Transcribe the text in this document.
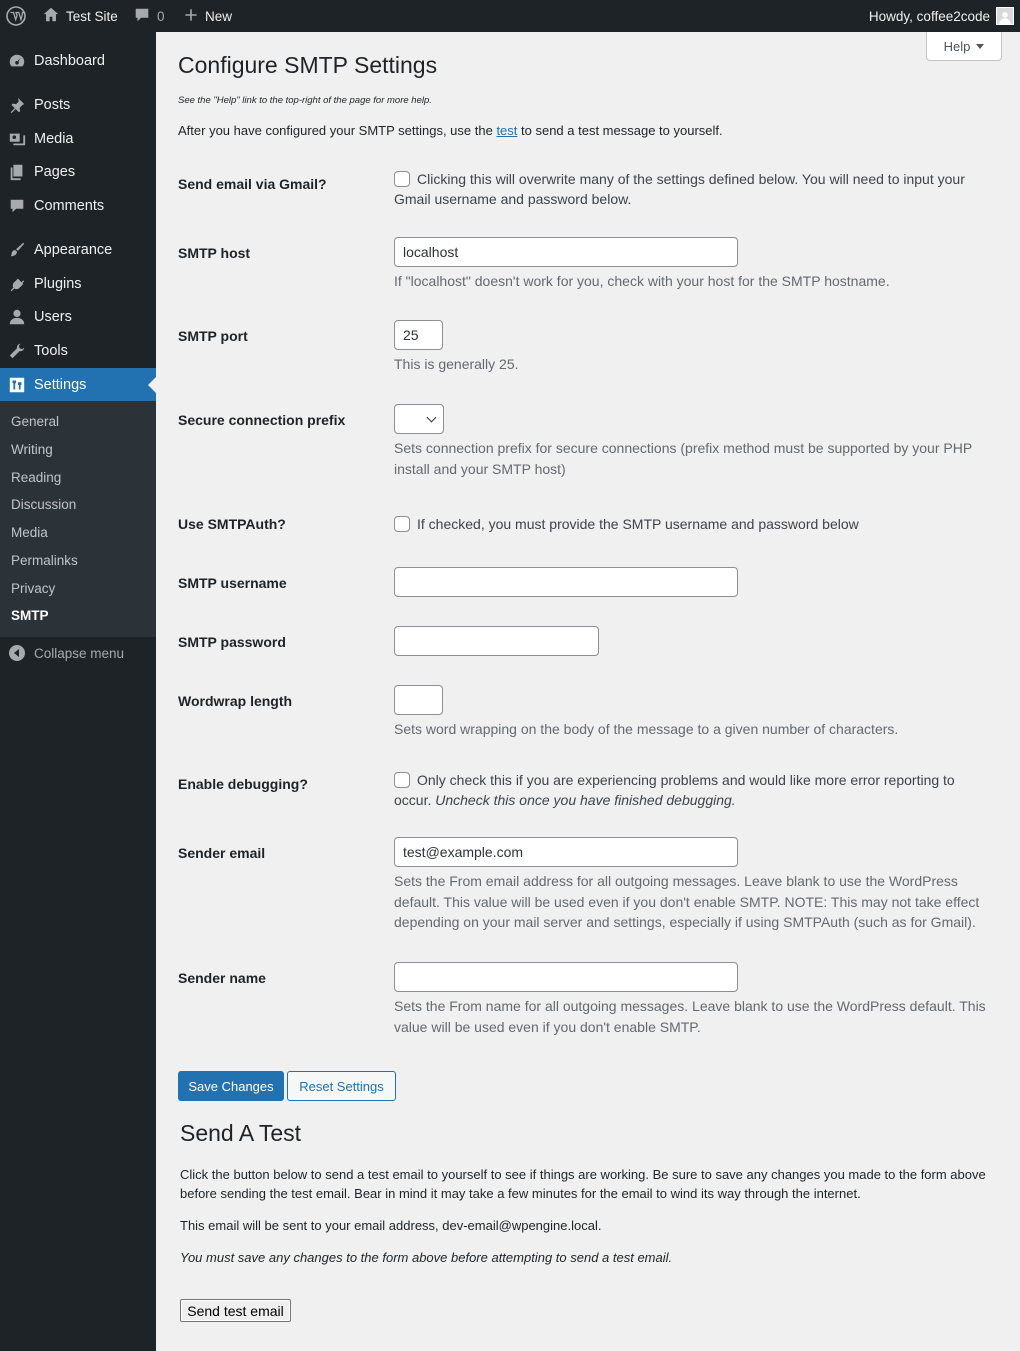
Test Site	0	New	Howdy, coffee2code
Dashboard
Posts
Media
Pages
Comments
Appearance
Plugins
Users
Tools
Settings
General
Writing
Reading
Discussion
Media
Permalinks
Privacy
SMTP
Collapse menu
Help
Configure SMTP Settings
See the "Help" link to the top-right of the page for more help.
After you have configured your SMTP settings, use the test to send a test message to yourself.
Send email via Gmail?	Clicking this will overwrite many of the settings defined below. You will need to input your Gmail username and password below.
SMTP host	localhost
If "localhost" doesn't work for you, check with your host for the SMTP hostname.
SMTP port	25
This is generally 25.
Secure connection prefix
Sets connection prefix for secure connections (prefix method must be supported by your PHP install and your SMTP host)
Use SMTPAuth?	If checked, you must provide the SMTP username and password below
SMTP username
SMTP password
Wordwrap length
Sets word wrapping on the body of the message to a given number of characters.
Enable debugging?	Only check this if you are experiencing problems and would like more error reporting to occur. Uncheck this once you have finished debugging.
Sender email	test@example.com
Sets the From email address for all outgoing messages. Leave blank to use the WordPress default. This value will be used even if you don't enable SMTP. NOTE: This may not take effect depending on your mail server and settings, especially if using SMTPAuth (such as for Gmail).
Sender name
Sets the From name for all outgoing messages. Leave blank to use the WordPress default. This value will be used even if you don't enable SMTP.
Save Changes	Reset Settings
Send A Test
Click the button below to send a test email to yourself to see if things are working. Be sure to save any changes you made to the form above before sending the test email. Bear in mind it may take a few minutes for the email to wind its way through the internet.
This email will be sent to your email address, dev-email@wpengine.local.
You must save any changes to the form above before attempting to send a test email.
Send test email
